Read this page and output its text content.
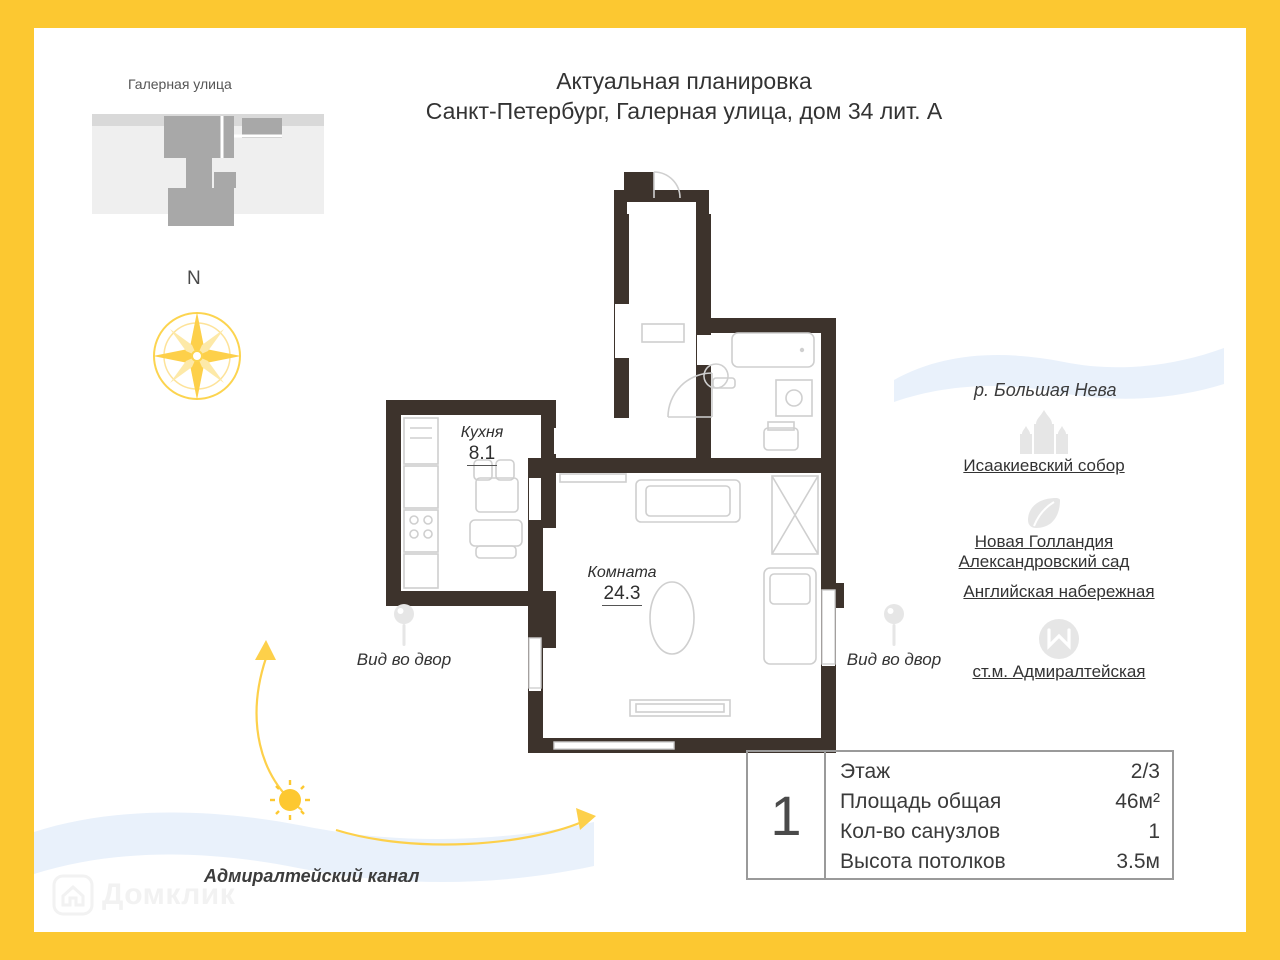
Актуальная планировка
Санкт-Петербург, Галерная улица, дом 34 лит. А
Галерная улица
N
Кухня
8.1
Комната
24.3
Вид во двор	Вид во двор
р. Большая Нева
Исаакиевский собор
Новая Голландия
Александровский сад
Английская набережная
ст.м. Адмиралтейская
Адмиралтейский канал
1
Этаж	2/3
Площадь общая	46м²
Кол-во санузлов	1
Высота потолков	3.5м
Домклик
